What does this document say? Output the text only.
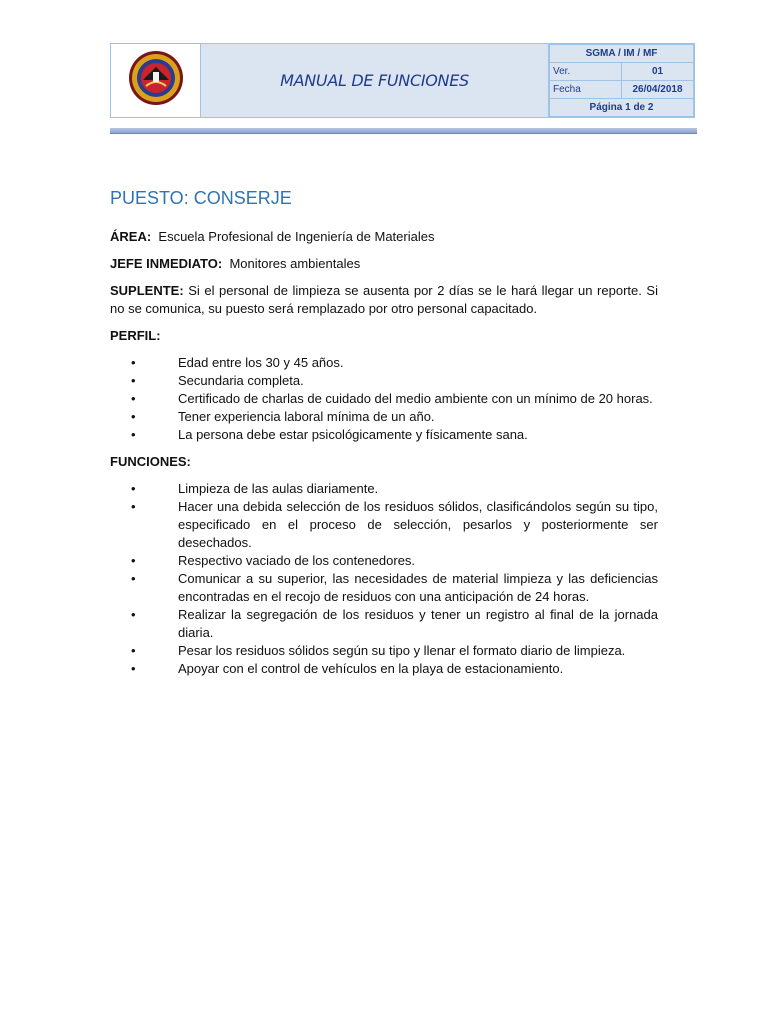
	MANUAL DE FUNCIONES	
SGMA / IM / MF
Ver.	01
Fecha	26/04/2018
Página 1 de 2
PUESTO: CONSERJE

ÁREA: Escuela Profesional de Ingeniería de Materiales

JEFE INMEDIATO: Monitores ambientales

SUPLENTE: Si el personal de limpieza se ausenta por 2 días se le hará llegar un reporte. Si no se comunica, su puesto será remplazado por otro personal capacitado.

PERFIL:

•	Edad entre los 30 y 45 años.
•	Secundaria completa.
•	Certificado de charlas de cuidado del medio ambiente con un mínimo de 20 horas.
•	Tener experiencia laboral mínima de un año.
•	La persona debe estar psicológicamente y físicamente sana.

FUNCIONES:

•	Limpieza de las aulas diariamente.
•	Hacer una debida selección de los residuos sólidos, clasificándolos según su tipo, especificado en el proceso de selección, pesarlos y posteriormente ser desechados.
•	Respectivo vaciado de los contenedores.
•	Comunicar a su superior, las necesidades de material limpieza y las deficiencias encontradas en el recojo de residuos con una anticipación de 24 horas.
•	Realizar la segregación de los residuos y tener un registro al final de la jornada diaria.
•	Pesar los residuos sólidos según su tipo y llenar el formato diario de limpieza.
•	Apoyar con el control de vehículos en la playa de estacionamiento.
